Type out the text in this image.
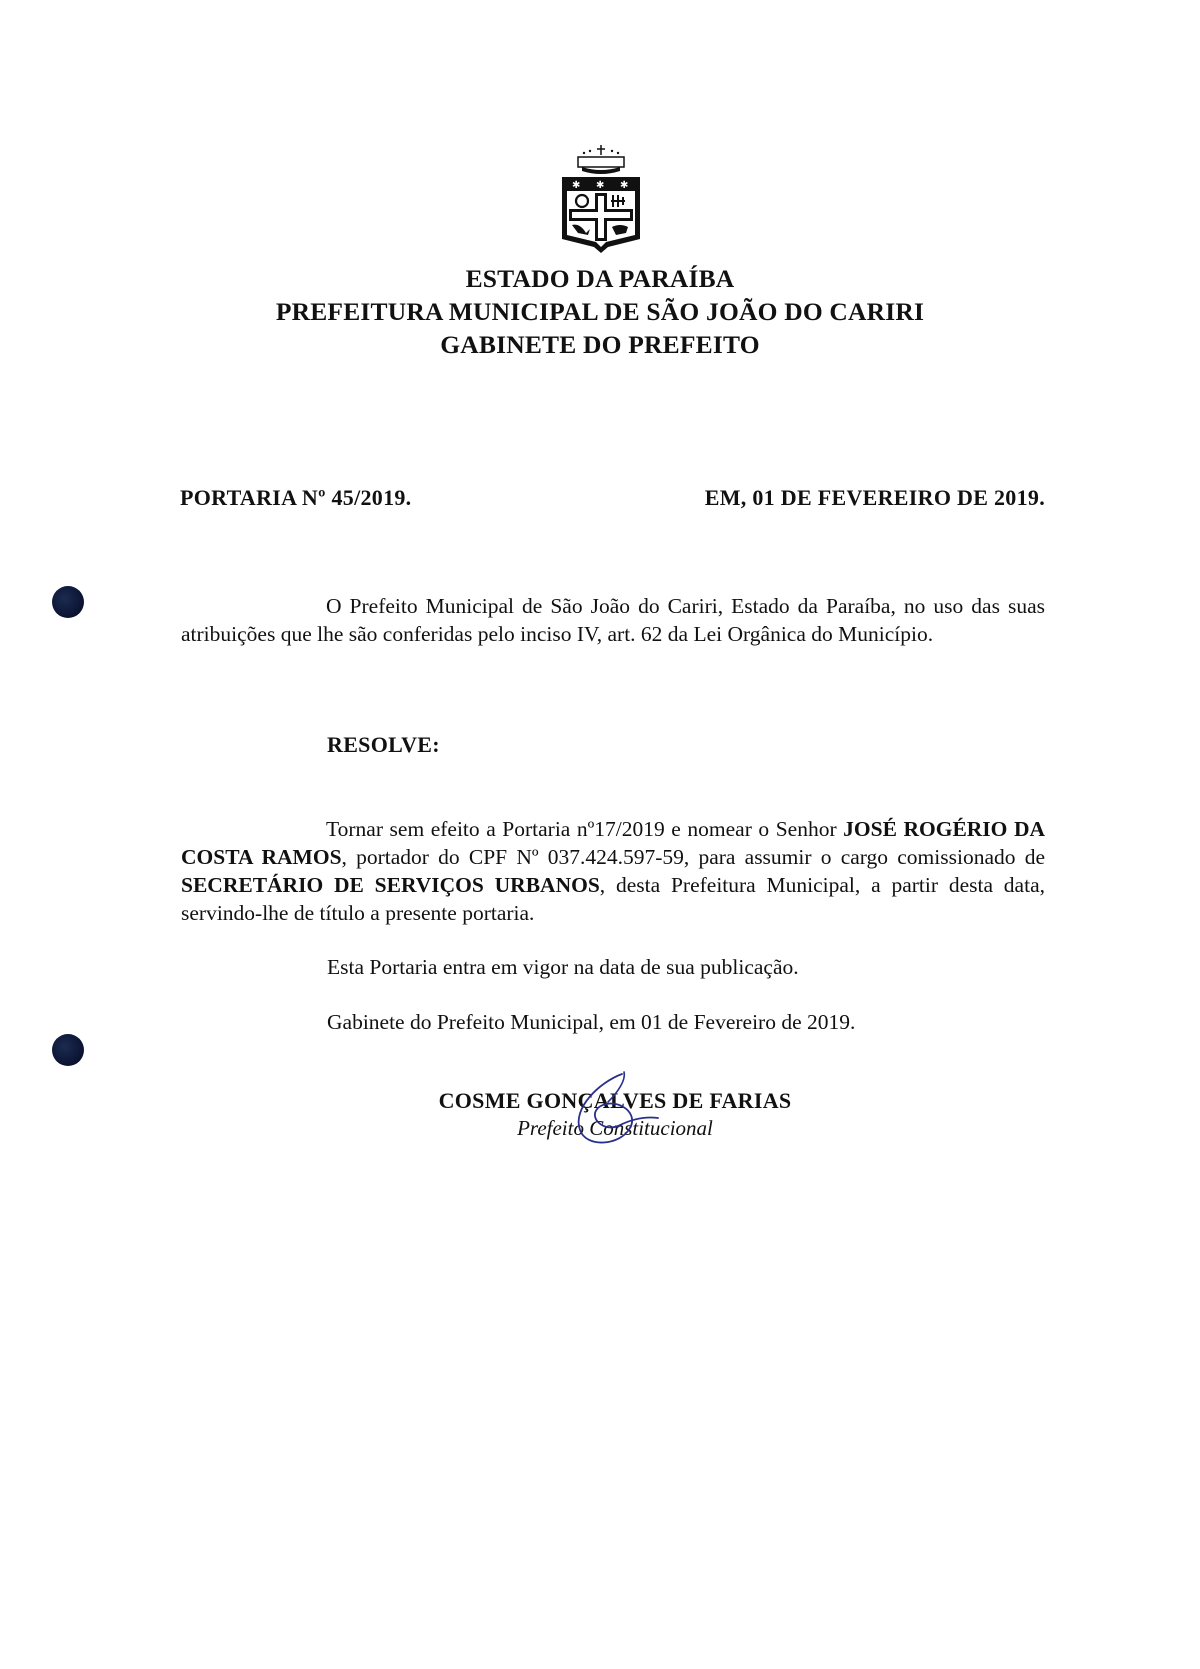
✱ ✱ ✱
ESTADO DA PARAÍBA
PREFEITURA MUNICIPAL DE SÃO JOÃO DO CARIRI
GABINETE DO PREFEITO
PORTARIA Nº 45/2019.	EM, 01 DE FEVEREIRO DE 2019.
O Prefeito Municipal de São João do Cariri, Estado da Paraíba, no uso das suas atribuições que lhe são conferidas pelo inciso IV, art. 62 da Lei Orgânica do Município.
RESOLVE:
Tornar sem efeito a Portaria nº17/2019 e nomear o Senhor JOSÉ ROGÉRIO DA COSTA RAMOS, portador do CPF Nº 037.424.597-59, para assumir o cargo comissionado de SECRETÁRIO DE SERVIÇOS URBANOS, desta Prefeitura Municipal, a partir desta data, servindo-lhe de título a presente portaria.
Esta Portaria entra em vigor na data de sua publicação.
Gabinete do Prefeito Municipal, em 01 de Fevereiro de 2019.
COSME GONÇALVES DE FARIAS
Prefeito Constitucional
